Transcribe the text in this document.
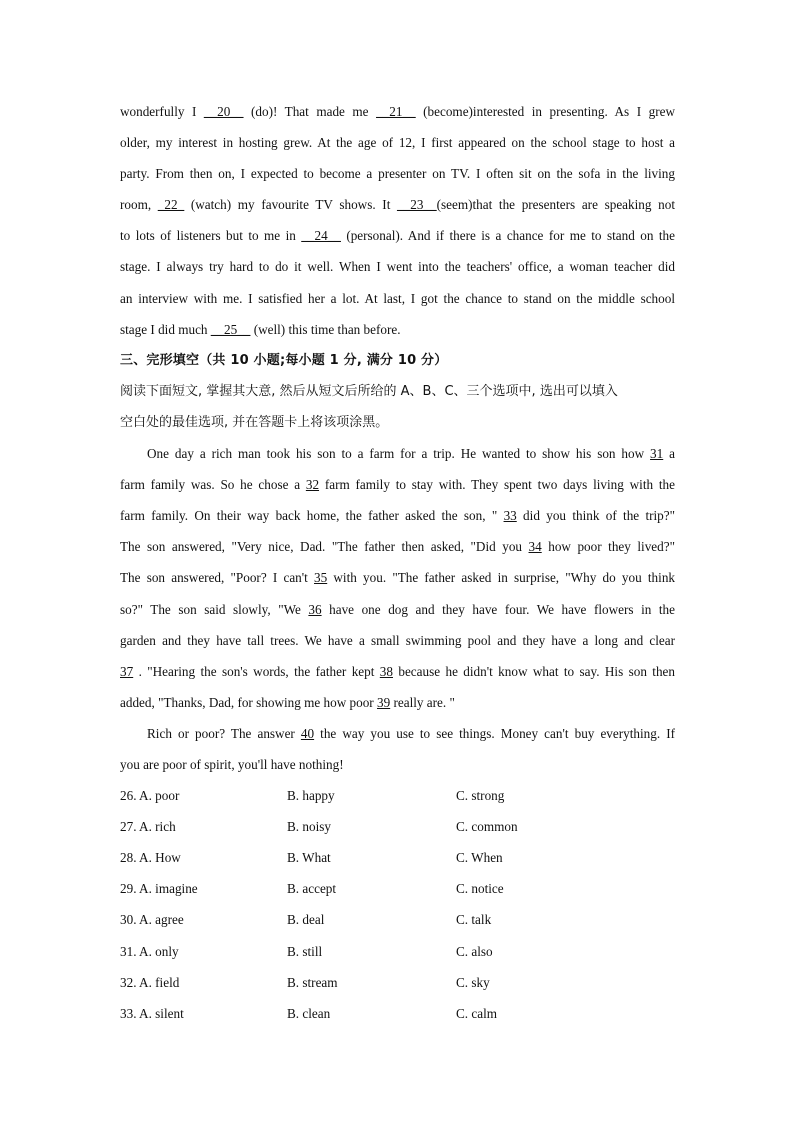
wonderfully I __20__ (do)! That made me __21__ (become)interested in presenting. As I grew
older, my interest in hosting grew. At the age of 12, I first appeared on the school stage to host a
party. From then on, I expected to become a presenter on TV. I often sit on the sofa in the living
room, _22_ (watch) my favourite TV shows. It __23__(seem)that the presenters are speaking not
to lots of listeners but to me in __24__ (personal). And if there is a chance for me to stand on the
stage. I always try hard to do it well. When I went into the teachers' office, a woman teacher did
an interview with me. I satisfied her a lot. At last, I got the chance to stand on the middle school
stage I did much __25__ (well) this time than before.

三、完形填空（共 10 小题;每小题 1 分, 满分 10 分）

阅读下面短文, 掌握其大意, 然后从短文后所给的 A、B、C、三个选项中, 选出可以填入

空白处的最佳选项, 并在答题卡上将该项涂黑。

One day a rich man took his son to a farm for a trip. He wanted to show his son how 31 a
farm family was. So he chose a 32 farm family to stay with. They spent two days living with the
farm family. On their way back home, the father asked the son, " 33 did you think of the trip?"
The son answered, "Very nice, Dad. "The father then asked, "Did you 34 how poor they lived?"
The son answered, "Poor? I can't 35 with you. "The father asked in surprise, "Why do you think
so?" The son said slowly, "We 36 have one dog and they have four. We have flowers in the
garden and they have tall trees. We have a small swimming pool and they have a long and clear
37 . "Hearing the son's words, the father kept 38 because he didn't know what to say. His son then
added, "Thanks, Dad, for showing me how poor 39 really are. "
Rich or poor? The answer 40 the way you use to see things. Money can't buy everything. If
you are poor of spirit, you'll have nothing!
26. A. poor	B. happy	C. strong
27. A. rich	B. noisy	C. common
28. A. How	B. What	C. When
29. A. imagine	B. accept	C. notice
30. A. agree	B. deal	C. talk
31. A. only	B. still	C. also
32. A. field	B. stream	C. sky
33. A. silent	B. clean	C. calm
